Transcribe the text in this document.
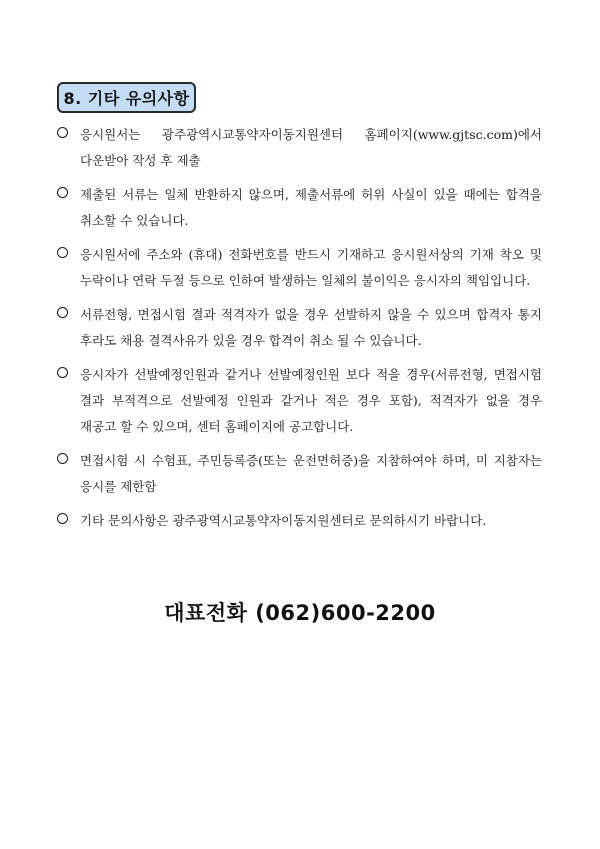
8. 기타 유의사항
응시원서는 광주광역시교통약자이동지원센터 홈페이지(www.gjtsc.com)에서 다운받아 작성 후 제출
제출된 서류는 일체 반환하지 않으며, 제출서류에 허위 사실이 있을 때에는 합격을 취소할 수 있습니다.
응시원서에 주소와 (휴대) 전화번호를 반드시 기재하고 응시원서상의 기재 착오 및 누락이나 연락 두절 등으로 인하여 발생하는 일체의 불이익은 응시자의 책임입니다.
서류전형, 면접시험 결과 적격자가 없을 경우 선발하지 않을 수 있으며 합격자 통지 후라도 채용 결격사유가 있을 경우 합격이 취소 될 수 있습니다.
응시자가 선발예정인원과 같거나 선발예정인원 보다 적을 경우(서류전형, 면접시험 결과 부적격으로 선발예정 인원과 같거나 적은 경우 포함), 적격자가 없을 경우 재공고 할 수 있으며, 센터 홈페이지에 공고합니다.
면접시험 시 수험표, 주민등록증(또는 운전면허증)을 지참하여야 하며, 미 지참자는 응시를 제한함
기타 문의사항은 광주광역시교통약자이동지원센터로 문의하시기 바랍니다.
대표전화 (062)600-2200
